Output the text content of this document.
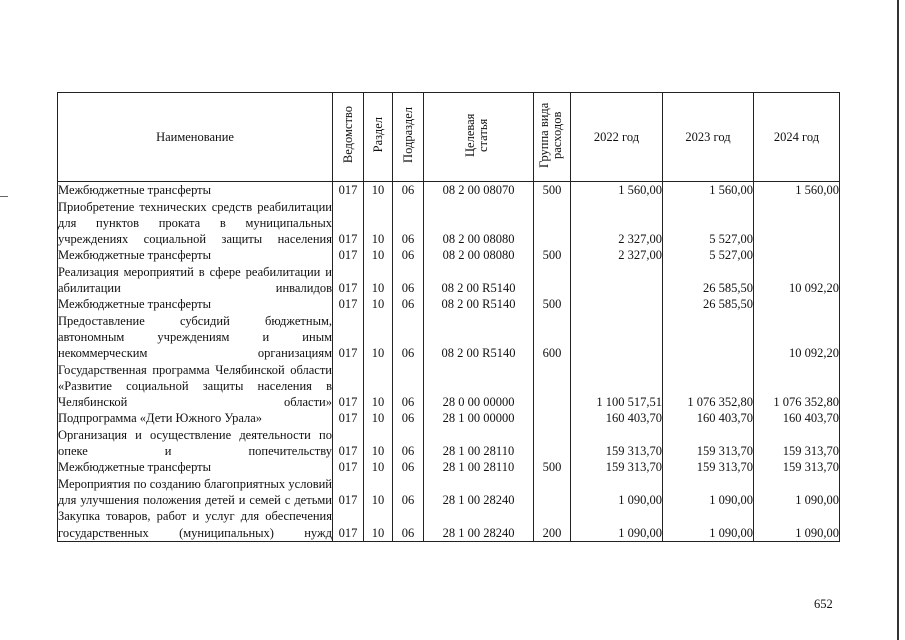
Наименование	Ведомство	Раздел	Подраздел	Целевая статья	Группа вида расходов	2022 год	2023 год	2024 год
Межбюджетные трансферты	017	10	06	08 2 00 08070	500	1 560,00	1 560,00	1 560,00
Приобретение технических средств реабилитации для пунктов проката в муниципальных учреждениях социальной защиты населения	017	10	06	08 2 00 08080		2 327,00	5 527,00	
Межбюджетные трансферты	017	10	06	08 2 00 08080	500	2 327,00	5 527,00	
Реализация мероприятий в сфере реабилитации и абилитации инвалидов	017	10	06	08 2 00 R5140			26 585,50	10 092,20
Межбюджетные трансферты	017	10	06	08 2 00 R5140	500		26 585,50	
Предоставление субсидий бюджетным, автономным учреждениям и иным некоммерческим организациям	017	10	06	08 2 00 R5140	600			10 092,20
Государственная программа Челябинской области «Развитие социальной защиты населения в Челябинской области»	017	10	06	28 0 00 00000		1 100 517,51	1 076 352,80	1 076 352,80
Подпрограмма «Дети Южного Урала»	017	10	06	28 1 00 00000		160 403,70	160 403,70	160 403,70
Организация и осуществление деятельности по опеке и попечительству	017	10	06	28 1 00 28110		159 313,70	159 313,70	159 313,70
Межбюджетные трансферты	017	10	06	28 1 00 28110	500	159 313,70	159 313,70	159 313,70
Мероприятия по созданию благоприятных условий для улучшения положения детей и семей с детьми	017	10	06	28 1 00 28240		1 090,00	1 090,00	1 090,00
Закупка товаров, работ и услуг для обеспечения государственных (муниципальных) нужд	017	10	06	28 1 00 28240	200	1 090,00	1 090,00	1 090,00
652
